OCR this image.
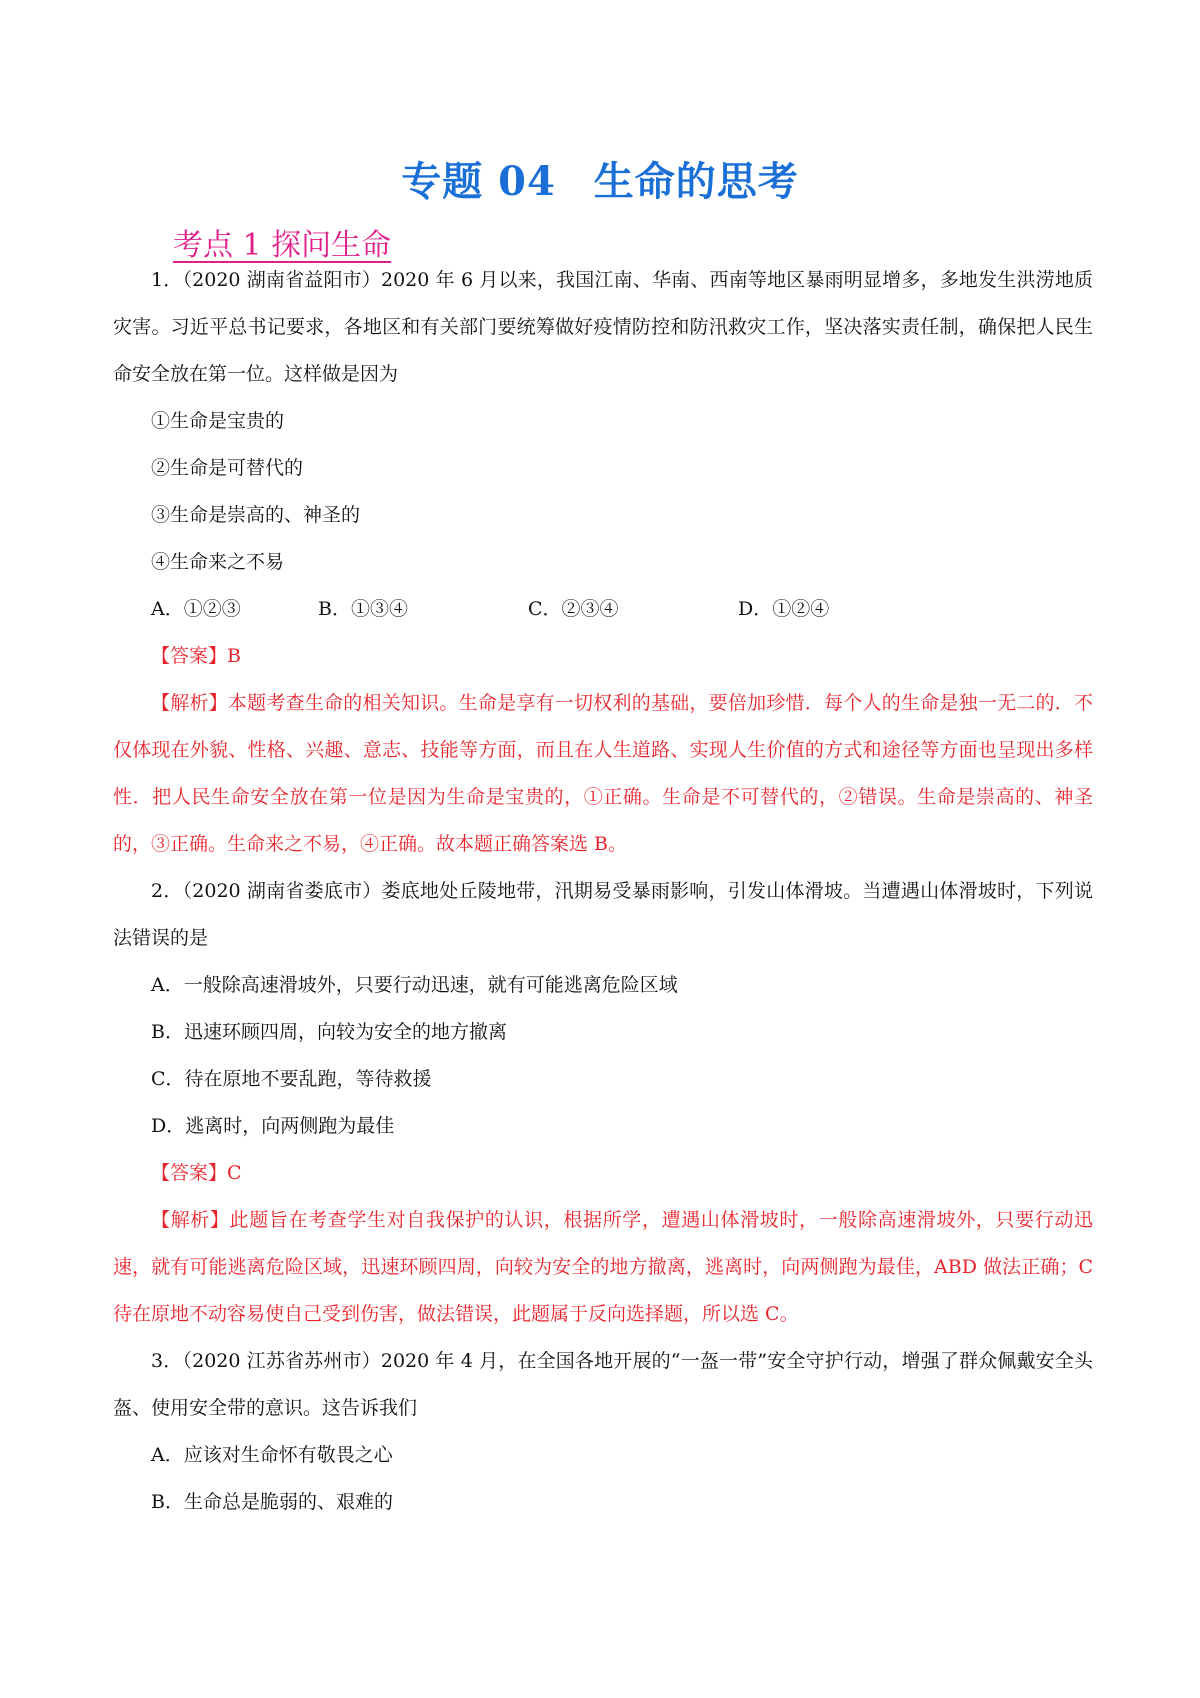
专题 04 生命的思考
考点 1 探问生命

1．（2020 湖南省益阳市）2020 年 6 月以来，我国江南、华南、西南等地区暴雨明显增多，多地发生洪涝地质灾害。习近平总书记要求，各地区和有关部门要统筹做好疫情防控和防汛救灾工作，坚决落实责任制，确保把人民生命安全放在第一位。这样做是因为

①生命是宝贵的

②生命是可替代的

③生命是崇高的、神圣的

④生命来之不易

A．①②③	B．①③④	C．②③④	D．①②④

【答案】B

【解析】本题考查生命的相关知识。生命是享有一切权利的基础，要倍加珍惜．每个人的生命是独一无二的．不仅体现在外貌、性格、兴趣、意志、技能等方面，而且在人生道路、实现人生价值的方式和途径等方面也呈现出多样性．把人民生命安全放在第一位是因为生命是宝贵的，①正确。生命是不可替代的，②错误。生命是崇高的、神圣的，③正确。生命来之不易，④正确。故本题正确答案选 B。

2．（2020 湖南省娄底市）娄底地处丘陵地带，汛期易受暴雨影响，引发山体滑坡。当遭遇山体滑坡时，下列说法错误的是

A．一般除高速滑坡外，只要行动迅速，就有可能逃离危险区域

B．迅速环顾四周，向较为安全的地方撤离

C．待在原地不要乱跑，等待救援

D．逃离时，向两侧跑为最佳

【答案】C

【解析】此题旨在考查学生对自我保护的认识，根据所学，遭遇山体滑坡时，一般除高速滑坡外，只要行动迅速，就有可能逃离危险区域，迅速环顾四周，向较为安全的地方撤离，逃离时，向两侧跑为最佳，ABD 做法正确；C 待在原地不动容易使自己受到伤害，做法错误，此题属于反向选择题，所以选 C。

3．（2020 江苏省苏州市）2020 年 4 月，在全国各地开展的“一盔一带”安全守护行动，增强了群众佩戴安全头盔、使用安全带的意识。这告诉我们

A．应该对生命怀有敬畏之心

B．生命总是脆弱的、艰难的
